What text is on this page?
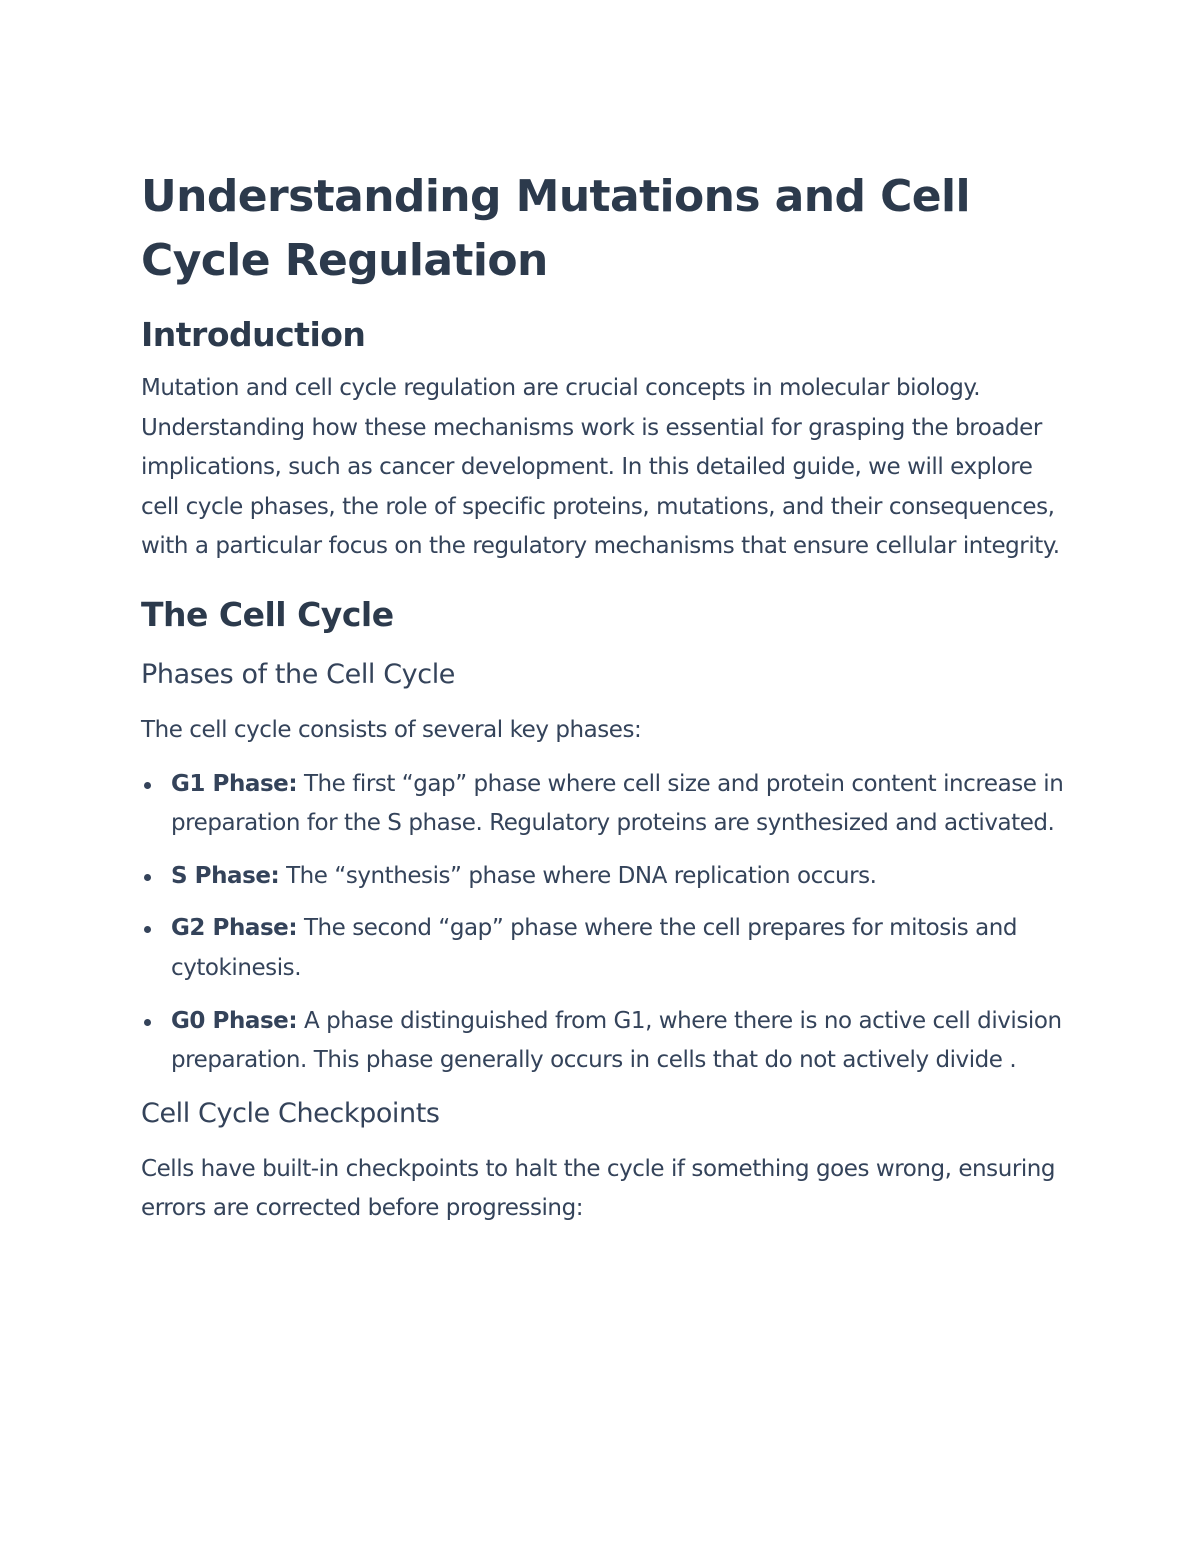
Understanding Mutations and Cell Cycle Regulation
Introduction

Mutation and cell cycle regulation are crucial concepts in molecular biology. Understanding how these mechanisms work is essential for grasping the broader implications, such as cancer development. In this detailed guide, we will explore cell cycle phases, the role of specific proteins, mutations, and their consequences, with a particular focus on the regulatory mechanisms that ensure cellular integrity.

The Cell Cycle
Phases of the Cell Cycle

The cell cycle consists of several key phases:

G1 Phase: The first “gap” phase where cell size and protein content increase in preparation for the S phase. Regulatory proteins are synthesized and activated.
S Phase: The “synthesis” phase where DNA replication occurs.
G2 Phase: The second “gap” phase where the cell prepares for mitosis and cytokinesis.
G0 Phase: A phase distinguished from G1, where there is no active cell division preparation. This phase generally occurs in cells that do not actively divide .
Cell Cycle Checkpoints

Cells have built-in checkpoints to halt the cycle if something goes wrong, ensuring errors are corrected before progressing:
